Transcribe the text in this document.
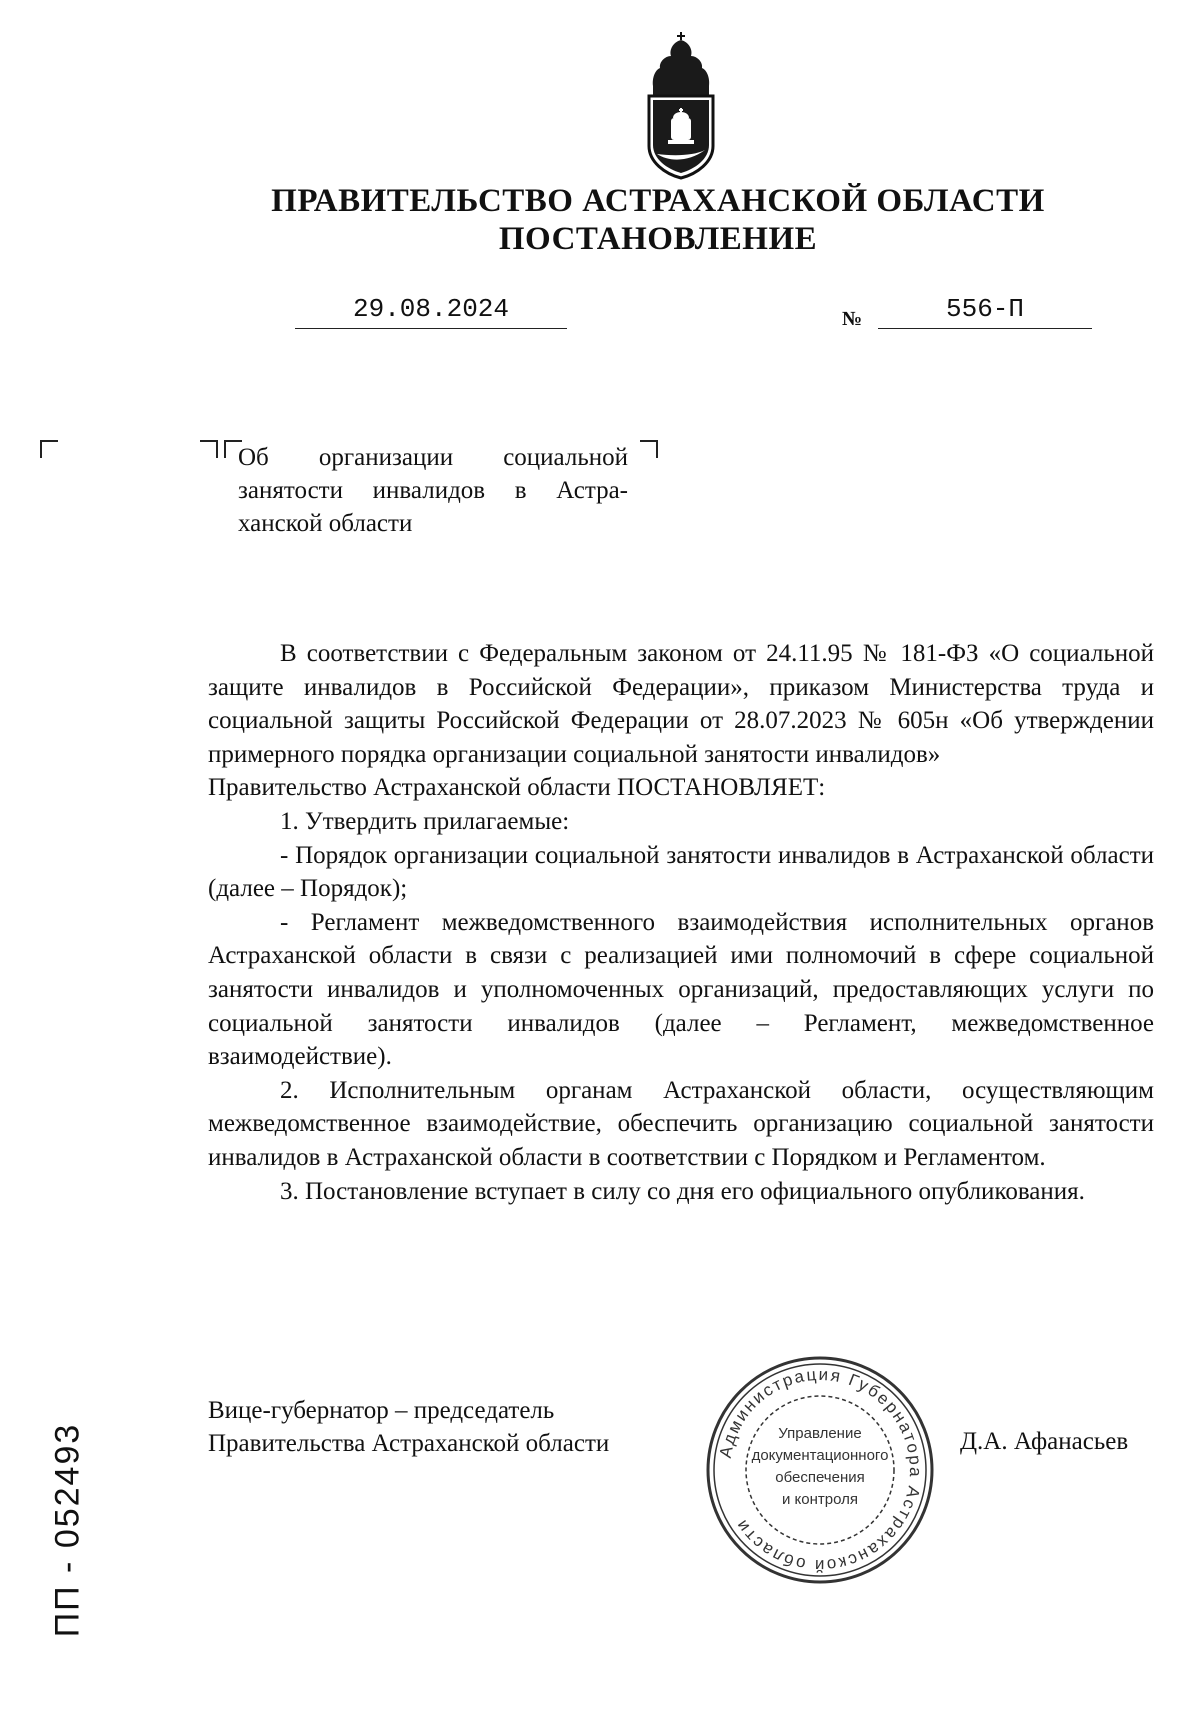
ПРАВИТЕЛЬСТВО АСТРАХАНСКОЙ ОБЛАСТИ
ПОСТАНОВЛЕНИЕ
29.08.2024	№	556-П
Об организации социальной
занятости инвалидов в Астра-
ханской области

В соответствии с Федеральным законом от 24.11.95 № 181-ФЗ «О социальной защите инвалидов в Российской Федерации», приказом Министерства труда и социальной защиты Российской Федерации от 28.07.2023 № 605н «Об утверждении примерного порядка организации социальной занятости инвалидов»

Правительство Астраханской области ПОСТАНОВЛЯЕТ:

1. Утвердить прилагаемые:

- Порядок организации социальной занятости инвалидов в Астраханской области (далее – Порядок);

- Регламент межведомственного взаимодействия исполнительных органов Астраханской области в связи с реализацией ими полномочий в сфере социальной занятости инвалидов и уполномоченных организаций, предоставляющих услуги по социальной занятости инвалидов (далее – Регламент, межведомственное взаимодействие).

2. Исполнительным органам Астраханской области, осуществляющим межведомственное взаимодействие, обеспечить организацию социальной занятости инвалидов в Астраханской области в соответствии с Порядком и Регламентом.

3. Постановление вступает в силу со дня его официального опубликования.

Вице-губернатор – председатель
Правительства Астраханской области	Д.А. Афанасьев
Администрация Губернатора Астраханской области
Управление
документационного
обеспечения
и контроля
ПП - 052493
